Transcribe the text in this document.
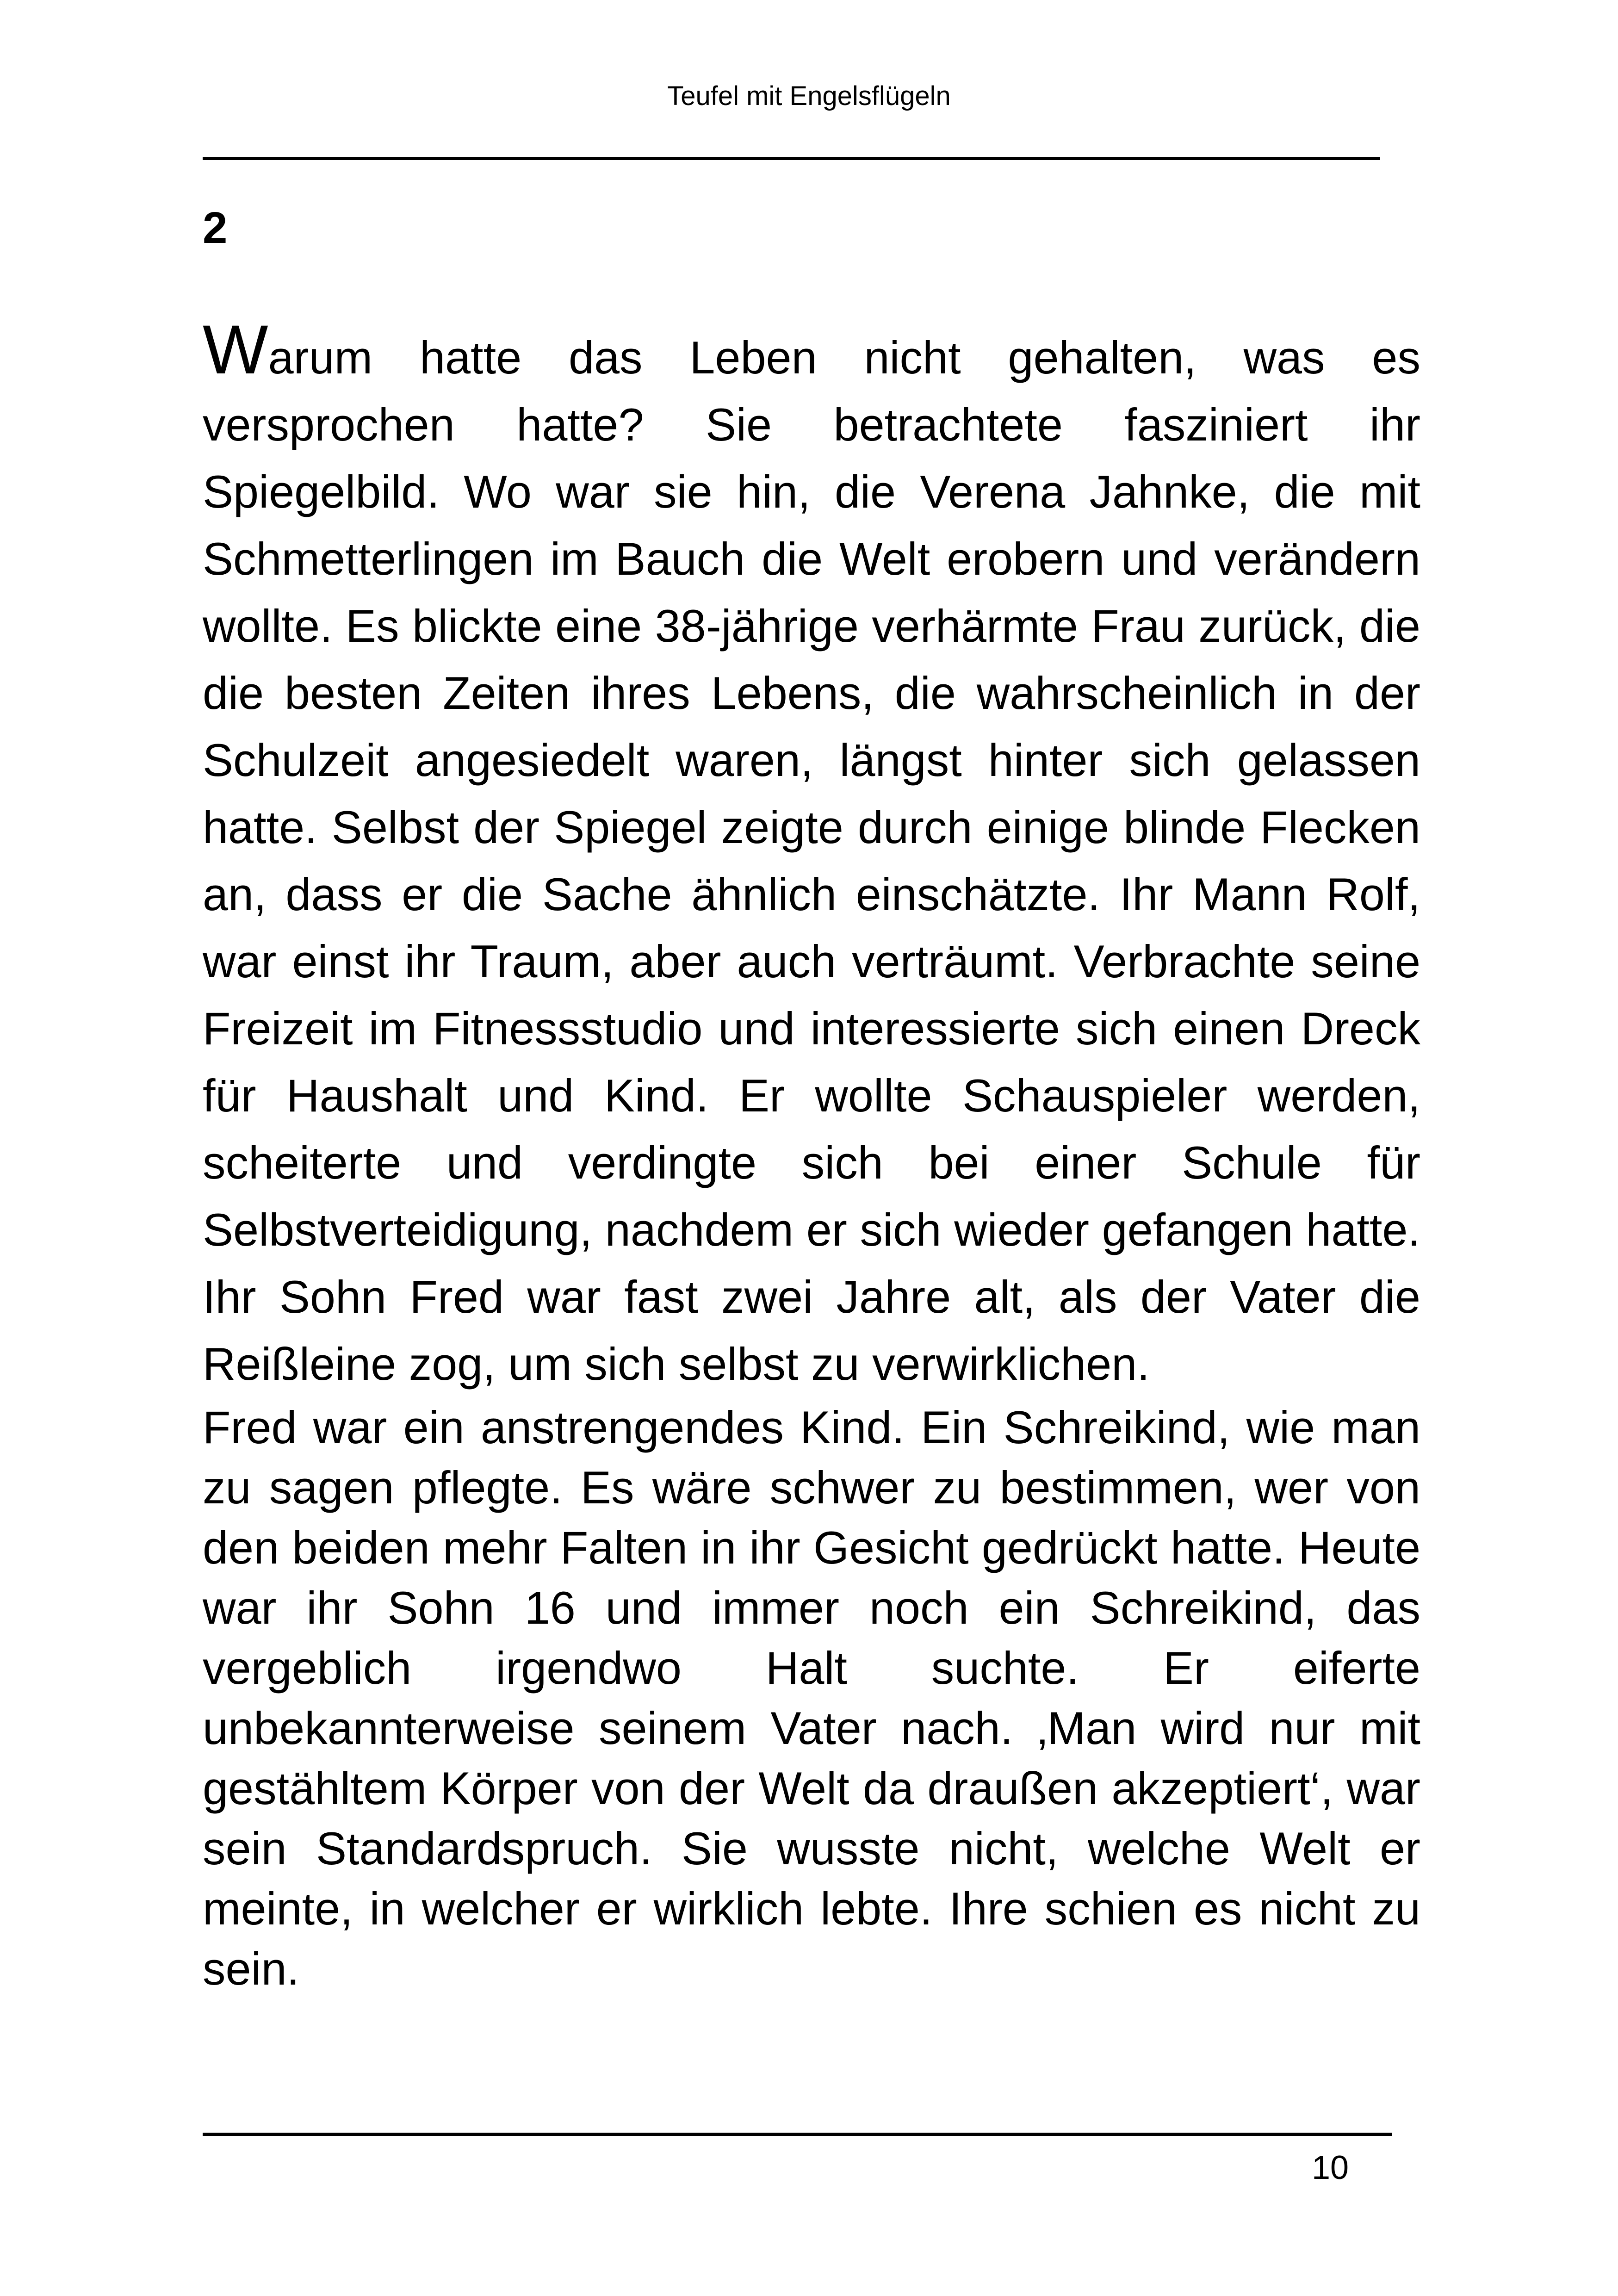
Teufel mit Engelsflügeln

2

Warum hatte das Leben nicht gehalten, was es versprochen hatte? Sie betrachtete fasziniert ihr Spiegelbild. Wo war sie hin, die Verena Jahnke, die mit Schmetterlingen im Bauch die Welt erobern und verändern wollte. Es blickte eine 38-jährige verhärmte Frau zurück, die die besten Zeiten ihres Lebens, die wahrscheinlich in der Schulzeit angesiedelt waren, längst hinter sich gelassen hatte. Selbst der Spiegel zeigte durch einige blinde Flecken an, dass er die Sache ähnlich einschätzte. Ihr Mann Rolf, war einst ihr Traum, aber auch verträumt. Verbrachte seine Freizeit im Fitnessstudio und interessierte sich einen Dreck für Haushalt und Kind. Er wollte Schauspieler werden, scheiterte und verdingte sich bei einer Schule für Selbstverteidigung, nachdem er sich wieder gefangen hatte. Ihr Sohn Fred war fast zwei Jahre alt, als der Vater die Reißleine zog, um sich selbst zu verwirklichen.

Fred war ein anstrengendes Kind. Ein Schreikind, wie man zu sagen pflegte. Es wäre schwer zu bestimmen, wer von den beiden mehr Falten in ihr Gesicht gedrückt hatte. Heute war ihr Sohn 16 und immer noch ein Schreikind, das vergeblich irgendwo Halt suchte. Er eiferte unbekannterweise seinem Vater nach. ‚Man wird nur mit gestähltem Körper von der Welt da draußen akzeptiert‘, war sein Standardspruch. Sie wusste nicht, welche Welt er meinte, in welcher er wirklich lebte. Ihre schien es nicht zu sein.

10
